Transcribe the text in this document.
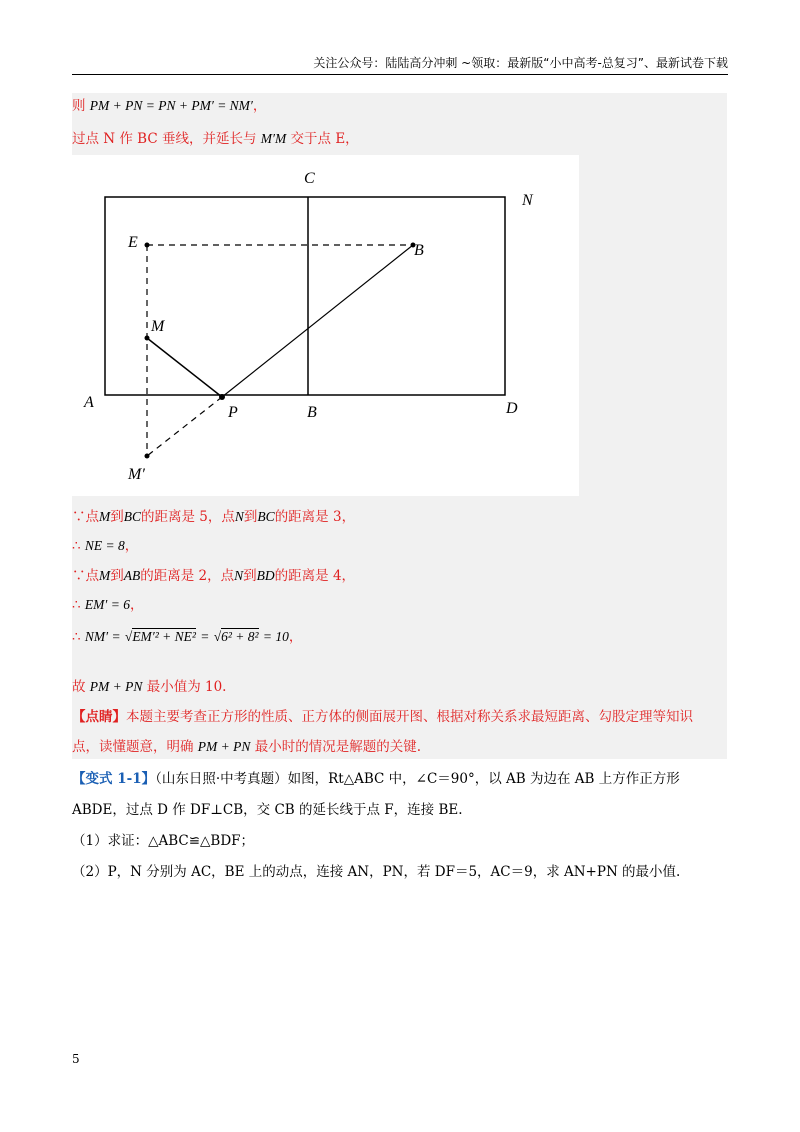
关注公众号：陆陆高分冲刺 ~领取：最新版“小中高考-总复习”、最新试卷下载
则 PM + PN = PN + PM′ = NM′，
过点 N 作 BC 垂线，并延长与 M′M 交于点 E，
C
N
E	B
M
A
P	B	D
M′
∵点M到BC的距离是 5，点N到BC的距离是 3，
∴ NE = 8，
∵点M到AB的距离是 2，点N到BD的距离是 4，
∴ EM′ = 6，
∴ NM′ = √EM′² + NE² = √6² + 8² = 10，
故 PM + PN 最小值为 10.
【点睛】本题主要考查正方形的性质、正方体的侧面展开图、根据对称关系求最短距离、勾股定理等知识
点，读懂题意，明确 PM + PN 最小时的情况是解题的关键.
【变式 1-1】（山东日照·中考真题）如图，Rt△ABC 中，∠C＝90°，以 AB 为边在 AB 上方作正方形
ABDE，过点 D 作 DF⊥CB，交 CB 的延长线于点 F，连接 BE.
（1）求证：△ABC≌△BDF；
（2）P，N 分别为 AC，BE 上的动点，连接 AN，PN，若 DF＝5，AC＝9，求 AN+PN 的最小值.
5
